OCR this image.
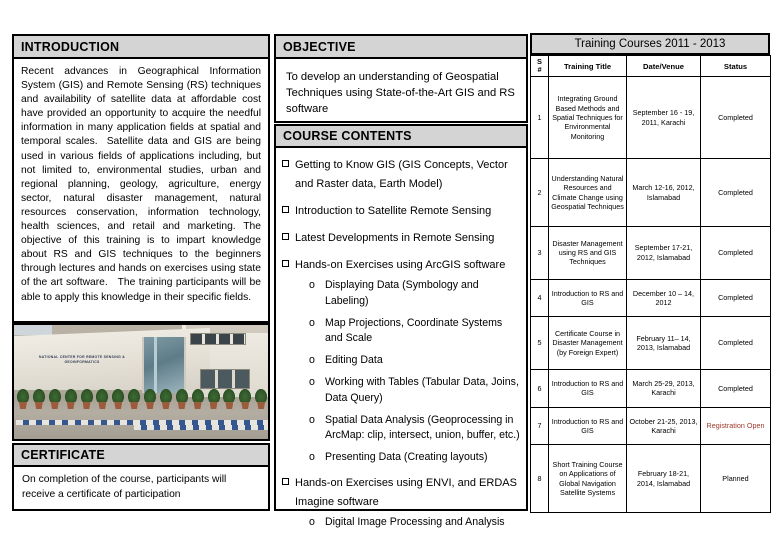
INTRODUCTION
Recent advances in Geographical Information System (GIS) and Remote Sensing (RS) techniques and availability of satellite data at affordable cost have provided an opportunity to acquire the needful information in many application fields at spatial and temporal scales.  Satellite data and GIS are being used in various fields of applications including, but not limited to, environmental studies, urban and regional planning, geology, agriculture, energy sector, natural disaster management, natural resources conservation, information technology, health sciences, and retail and marketing. The objective of this training is to impart knowledge about RS and GIS techniques to the beginners through lectures and hands on exercises using state of the art software.   The training participants will be able to apply this knowledge in their specific fields.
NATIONAL CENTER FOR REMOTE SENSING & GEOINFORMATICS
CERTIFICATE
On completion of the course, participants will receive a certificate of participation
OBJECTIVE
To develop an understanding of Geospatial Techniques using State-of-the-Art GIS and RS software
COURSE CONTENTS
Getting to Know GIS (GIS Concepts, Vector and Raster data, Earth Model)
Introduction to Satellite Remote Sensing
Latest Developments in Remote Sensing
Hands-on Exercises using ArcGIS software
o Displaying Data (Symbology and Labeling)
o Map Projections, Coordinate Systems and Scale
o Editing Data
o Working with Tables (Tabular Data, Joins, Data Query)
o Spatial Data Analysis (Geoprocessing in ArcMap: clip, intersect, union, buffer, etc.)
o Presenting Data (Creating layouts)
Hands-on Exercises using ENVI, and ERDAS Imagine software
o Digital Image Processing and Analysis
Training Courses 2011 - 2013
S
#	Training Title	Date/Venue	Status
1	Integrating Ground Based Methods and Spatial Techniques for Environmental Monitoring	September 16 - 19, 2011, Karachi	Completed
2	Understanding Natural Resources and Climate Change using Geospatial Techniques	March 12-16, 2012, Islamabad	Completed
3	Disaster Management using RS and GIS Techniques	September 17-21, 2012, Islamabad	Completed
4	Introduction to RS and GIS	December 10 – 14, 2012	Completed
5	Certificate Course in Disaster Management (by Foreign Expert)	February 11– 14, 2013, Islamabad	Completed
6	Introduction to RS and GIS	March 25-29, 2013, Karachi	Completed
7	Introduction to RS and GIS	October 21-25, 2013, Karachi	Registration Open
8	Short Training Course on Applications of Global Navigation Satellite Systems	February 18-21, 2014, Islamabad	Planned
